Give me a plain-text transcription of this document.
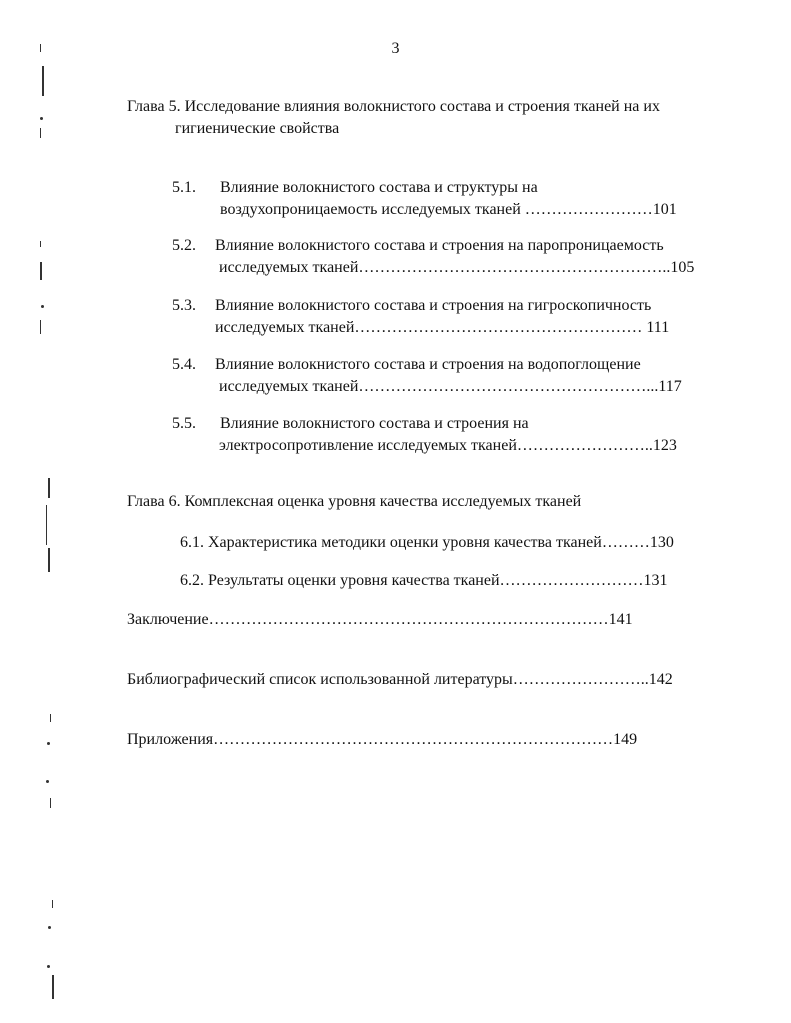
3
Глава 5. Исследование влияния волокнистого состава и строения тканей на их
гигиенические свойства
5.1.	Влияние волокнистого состава и структуры на
воздухопроницаемость исследуемых тканей ……………………101
5.2.	Влияние волокнистого состава и строения на паропроницаемость
исследуемых тканей…………………………………………………..105
5.3.	Влияние волокнистого состава и строения на гигроскопичность
исследуемых тканей……………………………………………… 111
5.4.	Влияние волокнистого состава и строения на водопоглощение
исследуемых тканей………………………………………………...117
5.5.	Влияние волокнистого состава и строения на
электросопротивление исследуемых тканей……………………..123
Глава 6. Комплексная оценка уровня качества исследуемых тканей
6.1. Характеристика методики оценки уровня качества тканей………130
6.2. Результаты оценки уровня качества тканей………………………131
Заключение…………………………………………………………………141
Библиографический список использованной литературы……………………..142
Приложения…………………………………………………………………149
